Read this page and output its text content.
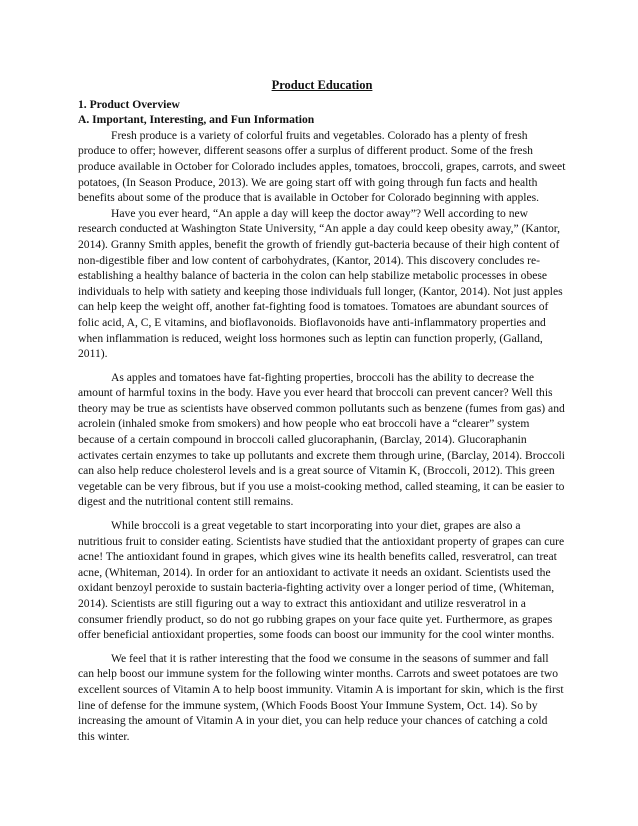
Product Education
1. Product Overview
A. Important, Interesting, and Fun Information

Fresh produce is a variety of colorful fruits and vegetables. Colorado has a plenty of fresh produce to offer; however, different seasons offer a surplus of different product. Some of the fresh produce available in October for Colorado includes apples, tomatoes, broccoli, grapes, carrots, and sweet potatoes, (In Season Produce, 2013). We are going start off with going through fun facts and health benefits about some of the produce that is available in October for Colorado beginning with apples.

Have you ever heard, “An apple a day will keep the doctor away”? Well according to new research conducted at Washington State University, “An apple a day could keep obesity away,” (Kantor, 2014). Granny Smith apples, benefit the growth of friendly gut-bacteria because of their high content of non-digestible fiber and low content of carbohydrates, (Kantor, 2014). This discovery concludes re-establishing a healthy balance of bacteria in the colon can help stabilize metabolic processes in obese individuals to help with satiety and keeping those individuals full longer, (Kantor, 2014). Not just apples can help keep the weight off, another fat-fighting food is tomatoes. Tomatoes are abundant sources of folic acid, A, C, E vitamins, and bioflavonoids. Bioflavonoids have anti-inflammatory properties and when inflammation is reduced, weight loss hormones such as leptin can function properly, (Galland, 2011).

As apples and tomatoes have fat-fighting properties, broccoli has the ability to decrease the amount of harmful toxins in the body. Have you ever heard that broccoli can prevent cancer? Well this theory may be true as scientists have observed common pollutants such as benzene (fumes from gas) and acrolein (inhaled smoke from smokers) and how people who eat broccoli have a “clearer” system because of a certain compound in broccoli called glucoraphanin, (Barclay, 2014). Glucoraphanin activates certain enzymes to take up pollutants and excrete them through urine, (Barclay, 2014). Broccoli can also help reduce cholesterol levels and is a great source of Vitamin K, (Broccoli, 2012). This green vegetable can be very fibrous, but if you use a moist-cooking method, called steaming, it can be easier to digest and the nutritional content still remains.

While broccoli is a great vegetable to start incorporating into your diet, grapes are also a nutritious fruit to consider eating. Scientists have studied that the antioxidant property of grapes can cure acne! The antioxidant found in grapes, which gives wine its health benefits called, resveratrol, can treat acne, (Whiteman, 2014). In order for an antioxidant to activate it needs an oxidant. Scientists used the oxidant benzoyl peroxide to sustain bacteria-fighting activity over a longer period of time, (Whiteman, 2014). Scientists are still figuring out a way to extract this antioxidant and utilize resveratrol in a consumer friendly product, so do not go rubbing grapes on your face quite yet. Furthermore, as grapes offer beneficial antioxidant properties, some foods can boost our immunity for the cool winter months.

We feel that it is rather interesting that the food we consume in the seasons of summer and fall can help boost our immune system for the following winter months. Carrots and sweet potatoes are two excellent sources of Vitamin A to help boost immunity. Vitamin A is important for skin, which is the first line of defense for the immune system, (Which Foods Boost Your Immune System, Oct. 14). So by increasing the amount of Vitamin A in your diet, you can help reduce your chances of catching a cold this winter.
